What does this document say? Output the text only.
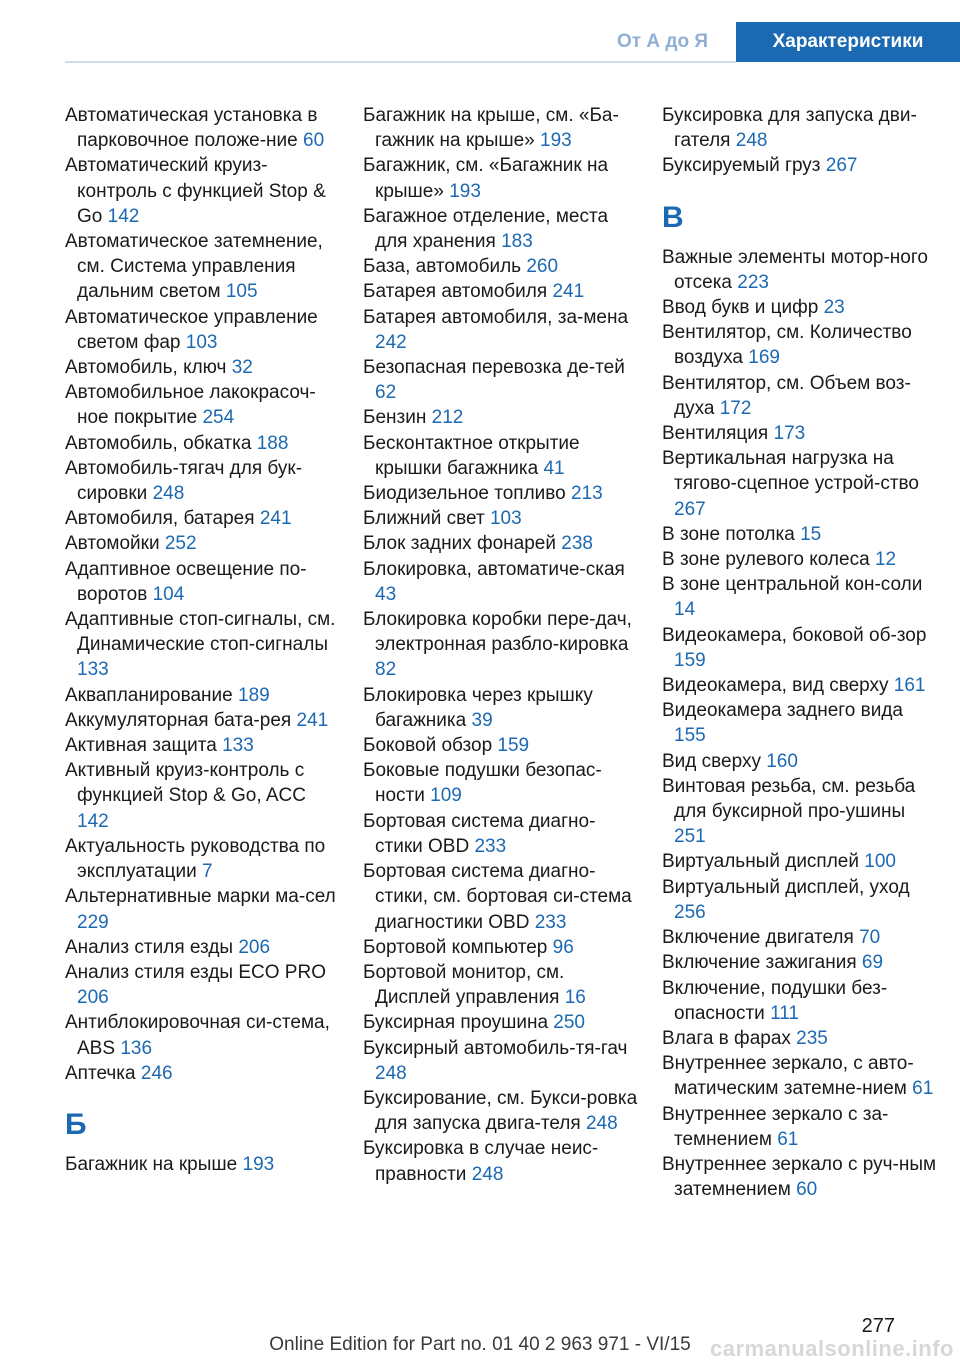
От А до Я	Характеристики

Автоматическая установка в парковочное положе-ние 60

Автоматический круиз-контроль с функцией Stop & Go 142

Автоматическое затемнение, см. Система управления дальним светом 105

Автоматическое управление светом фар 103

Автомобиль, ключ 32

Автомобильное лакокрасоч-ное покрытие 254

Автомобиль, обкатка 188

Автомобиль-тягач для бук-сировки 248

Автомобиля, батарея 241

Автомойки 252

Адаптивное освещение по-воротов 104

Адаптивные стоп-сигналы, см. Динамические стоп-сигналы 133

Аквапланирование 189

Аккумуляторная бата-рея 241

Активная защита 133

Активный круиз-контроль с функцией Stop & Go, ACC 142

Актуальность руководства по эксплуатации 7

Альтернативные марки ма-сел 229

Анализ стиля езды 206

Анализ стиля езды ECO PRO 206

Антиблокировочная си-стема, ABS 136

Аптечка 246

Б

Багажник на крыше 193

Багажник на крыше, см. «Ба-гажник на крыше» 193

Багажник, см. «Багажник на крыше» 193

Багажное отделение, места для хранения 183

База, автомобиль 260

Батарея автомобиля 241

Батарея автомобиля, за-мена 242

Безопасная перевозка де-тей 62

Бензин 212

Бесконтактное открытие крышки багажника 41

Биодизельное топливо 213

Ближний свет 103

Блок задних фонарей 238

Блокировка, автоматиче-ская 43

Блокировка коробки пере-дач, электронная разбло-кировка 82

Блокировка через крышку багажника 39

Боковой обзор 159

Боковые подушки безопас-ности 109

Бортовая система диагно-стики OBD 233

Бортовая система диагно-стики, см. бортовая си-стема диагностики OBD 233

Бортовой компьютер 96

Бортовой монитор, см. Дисплей управления 16

Буксирная проушина 250

Буксирный автомобиль-тя-гач 248

Буксирование, см. Букси-ровка для запуска двига-теля 248

Буксировка в случае неис-правности 248

Буксировка для запуска дви-гателя 248

Буксируемый груз 267

В

Важные элементы мотор-ного отсека 223

Ввод букв и цифр 23

Вентилятор, см. Количество воздуха 169

Вентилятор, см. Объем воз-духа 172

Вентиляция 173

Вертикальная нагрузка на тягово-сцепное устрой-ство 267

В зоне потолка 15

В зоне рулевого колеса 12

В зоне центральной кон-соли 14

Видеокамера, боковой об-зор 159

Видеокамера, вид сверху 161

Видеокамера заднего вида 155

Вид сверху 160

Винтовая резьба, см. резьба для буксирной про-ушины 251

Виртуальный дисплей 100

Виртуальный дисплей, уход 256

Включение двигателя 70

Включение зажигания 69

Включение, подушки без-опасности 111

Влага в фарах 235

Внутреннее зеркало, с авто-матическим затемне-нием 61

Внутреннее зеркало с за-темнением 61

Внутреннее зеркало с руч-ным затемнением 60

277
Online Edition for Part no. 01 40 2 963 971 - VI/15 carmanualsonline.info
